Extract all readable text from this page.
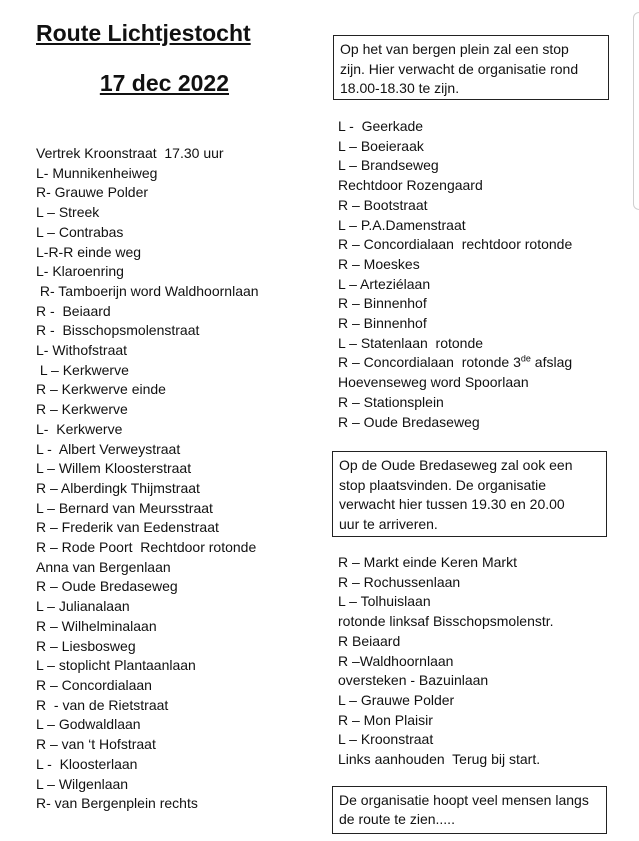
Route Lichtjestocht
17 dec 2022
Op het van bergen plein zal een stop
zijn. Hier verwacht de organisatie rond
18.00-18.30 te zijn.
Vertrek Kroonstraat  17.30 uur
L- Munnikenheiweg
R- Grauwe Polder
L – Streek
L – Contrabas
L-R-R einde weg
L- Klaroenring
R- Tamboerijn word Waldhoornlaan
R -  Beiaard
R -  Bisschopsmolenstraat
L- Withofstraat
L – Kerkwerve
R – Kerkwerve einde
R – Kerkwerve
L-  Kerkwerve
L -  Albert Verweystraat
L – Willem Kloosterstraat
R – Alberdingk Thijmstraat
L – Bernard van Meursstraat
R – Frederik van Eedenstraat
R – Rode Poort  Rechtdoor rotonde
Anna van Bergenlaan
R – Oude Bredaseweg
L – Julianalaan
R – Wilhelminalaan
R – Liesbosweg
L – stoplicht Plantaanlaan
R – Concordialaan
R  - van de Rietstraat
L – Godwaldlaan
R – van ‘t Hofstraat
L -  Kloosterlaan
L – Wilgenlaan
R- van Bergenplein rechts
L -  Geerkade
L – Boeieraak
L – Brandseweg
Rechtdoor Rozengaard
R – Bootstraat
L – P.A.Damenstraat
R – Concordialaan  rechtdoor rotonde
R – Moeskes
L – Arteziélaan
R – Binnenhof
R – Binnenhof
L – Statenlaan  rotonde
R – Concordialaan  rotonde 3de afslag
Hoevenseweg word Spoorlaan
R – Stationsplein
R – Oude Bredaseweg
Op de Oude Bredaseweg zal ook een
stop plaatsvinden. De organisatie
verwacht hier tussen 19.30 en 20.00
uur te arriveren.
R – Markt einde Keren Markt
R – Rochussenlaan
L – Tolhuislaan
rotonde linksaf Bisschopsmolenstr.
R Beiaard
R –Waldhoornlaan
oversteken - Bazuinlaan
L – Grauwe Polder
R – Mon Plaisir
L – Kroonstraat
Links aanhouden  Terug bij start.
De organisatie hoopt veel mensen langs
de route te zien.....
